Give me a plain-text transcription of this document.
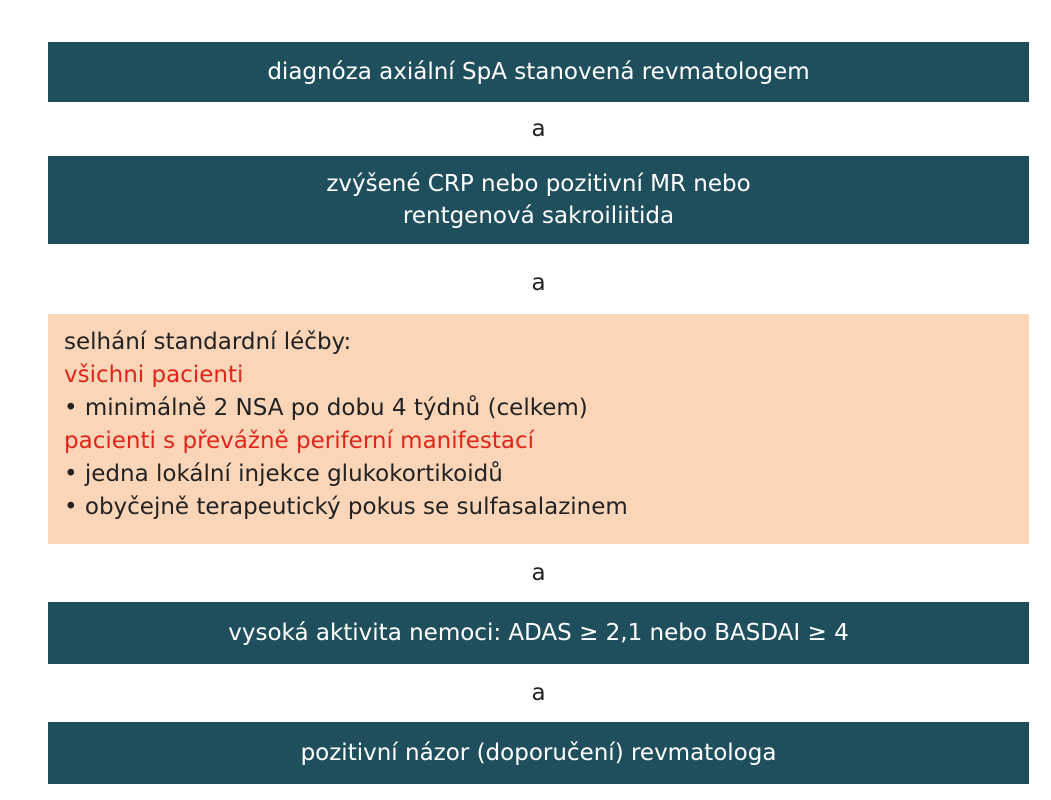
diagnóza axiální SpA stanovená revmatologem
a
zvýšené CRP nebo pozitivní MR nebo
rentgenová sakroiliitida
a
selhání standardní léčby:
všichni pacienti
• minimálně 2 NSA po dobu 4 týdnů (celkem)
pacienti s převážně periferní manifestací
• jedna lokální injekce glukokortikoidů
• obyčejně terapeutický pokus se sulfasalazinem
a
vysoká aktivita nemoci: ADAS ≥ 2,1 nebo BASDAI ≥ 4
a
pozitivní názor (doporučení) revmatologa
